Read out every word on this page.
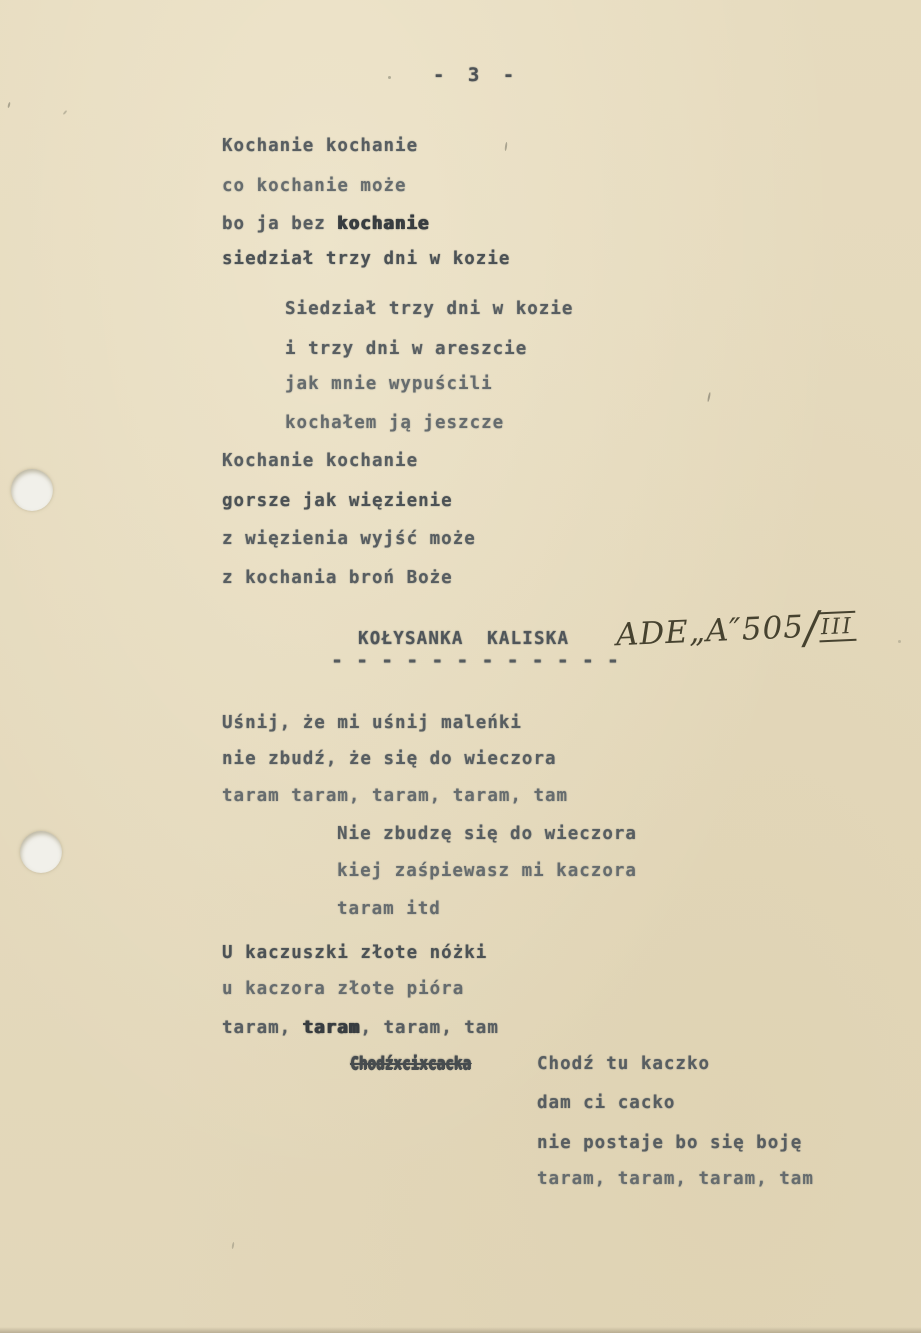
- 3 -
Kochanie kochanie
co kochanie może
bo ja bez kochanie
siedział trzy dni w kozie
Siedział trzy dni w kozie
i trzy dni w areszcie
jak mnie wypuścili
kochałem ją jeszcze
Kochanie kochanie
gorsze jak więzienie
z więzienia wyjść może
z kochania broń Boże
KOŁYSANKA  KALISKA
- - - - - - - - - - - -
ADE„A″505/III
Uśnij, że mi uśnij maleńki
nie zbudź, że się do wieczora
taram taram, taram, taram, tam
Nie zbudzę się do wieczora
kiej zaśpiewasz mi kaczora
taram itd
U kaczuszki złote nóżki
u kaczora złote pióra
taram, taram, taram, tam
Chodźxcixcacka	Chodź tu kaczko
dam ci cacko
nie postaje bo się boję
taram, taram, taram, tam
